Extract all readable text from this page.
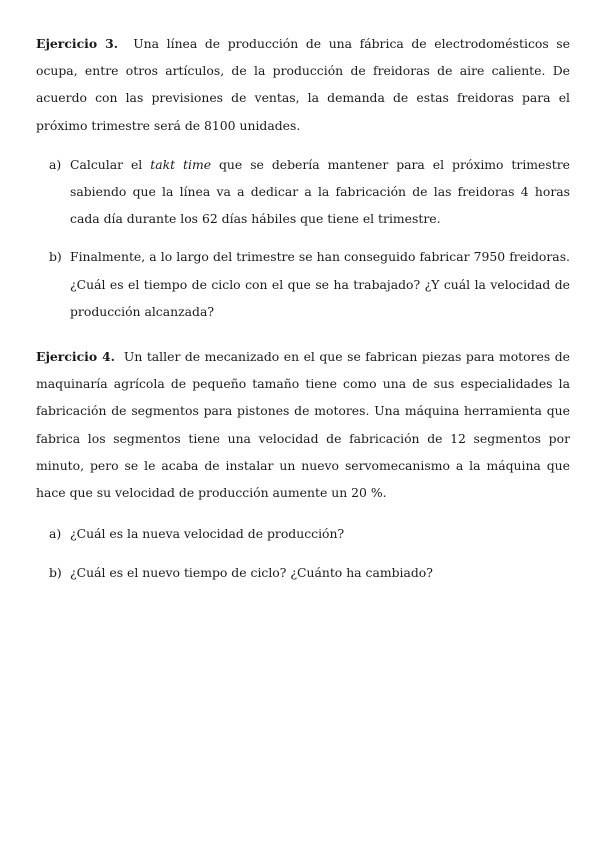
Ejercicio 3. Una línea de producción de una fábrica de electrodomésticos se ocupa, entre otros artículos, de la producción de freidoras de aire caliente. De acuerdo con las previsiones de ventas, la demanda de estas freidoras para el próximo trimestre será de 8100 unidades.

a) Calcular el takt time que se debería mantener para el próximo trimestre sabiendo que la línea va a dedicar a la fabricación de las freidoras 4 horas cada día durante los 62 días hábiles que tiene el trimestre.
b) Finalmente, a lo largo del trimestre se han conseguido fabricar 7950 freidoras. ¿Cuál es el tiempo de ciclo con el que se ha trabajado? ¿Y cuál la velocidad de producción alcanzada?

Ejercicio 4. Un taller de mecanizado en el que se fabrican piezas para motores de maquinaría agrícola de pequeño tamaño tiene como una de sus especialidades la fabricación de segmentos para pistones de motores. Una máquina herramienta que fabrica los segmentos tiene una velocidad de fabricación de 12 segmentos por minuto, pero se le acaba de instalar un nuevo servomecanismo a la máquina que hace que su velocidad de producción aumente un 20 %.

a) ¿Cuál es la nueva velocidad de producción?
b) ¿Cuál es el nuevo tiempo de ciclo? ¿Cuánto ha cambiado?
